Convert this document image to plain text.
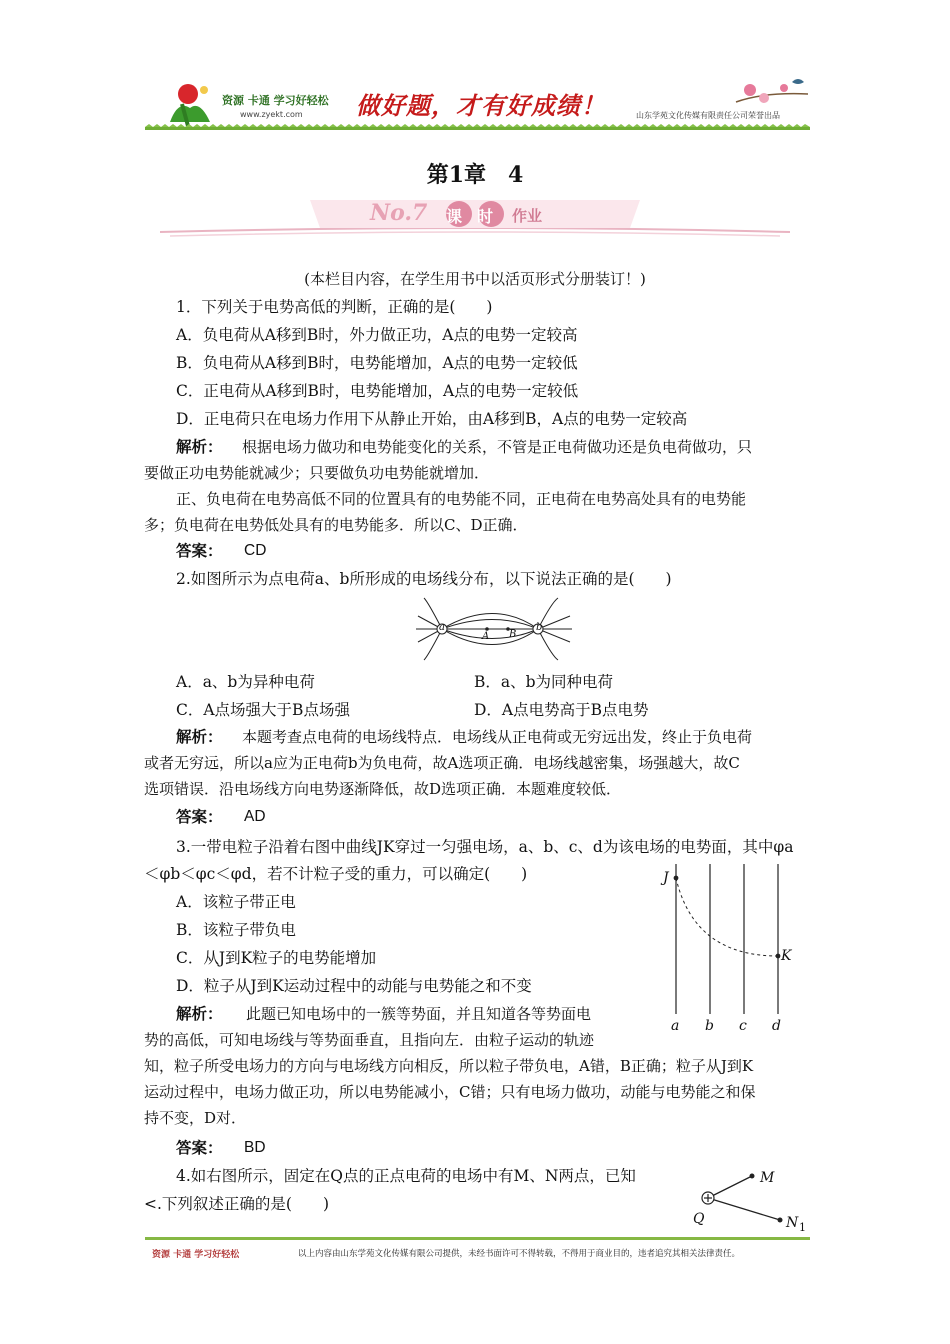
资源 卡通 学习好轻松
www.zyekt.com 做好题，才有好成绩！	山东学苑文化传媒有限责任公司荣誉出品
第1章　4
No.7 课时 作业
(本栏目内容，在学生用书中以活页形式分册装订！)
1．下列关于电势高低的判断，正确的是(　　)
A．负电荷从A移到B时，外力做正功，A点的电势一定较高
B．负电荷从A移到B时，电势能增加，A点的电势一定较低
C．正电荷从A移到B时，电势能增加，A点的电势一定较低
D．正电荷只在电场力作用下从静止开始，由A移到B，A点的电势一定较高
解析： 根据电场力做功和电势能变化的关系，不管是正电荷做功还是负电荷做功，只
要做正功电势能就减少；只要做负功电势能就增加．
正、负电荷在电势高低不同的位置具有的电势能不同，正电荷在电势高处具有的电势能
多；负电荷在电势低处具有的电势能多．所以C、D正确．
答案： CD
2.如图所示为点电荷a、b所形成的电场线分布，以下说法正确的是(　　)
a	b
A B
A．a、b为异种电荷	B．a、b为同种电荷
C．A点场强大于B点场强	D．A点电势高于B点电势
解析： 本题考查点电荷的电场线特点．电场线从正电荷或无穷远出发，终止于负电荷
或者无穷远，所以a应为正电荷b为负电荷，故A选项正确．电场线越密集，场强越大，故C
选项错误．沿电场线方向电势逐渐降低，故D选项正确．本题难度较低．
答案： AD
3.一带电粒子沿着右图中曲线JK穿过一匀强电场，a、b、c、d为该电场的电势面，其中φa
＜φb＜φc＜φd，若不计粒子受的重力，可以确定(　　)	J
K
a b c d
A．该粒子带正电
B．该粒子带负电
C．从J到K粒子的电势能增加
D．粒子从J到K运动过程中的动能与电势能之和不变
解析： 此题已知电场中的一簇等势面，并且知道各等势面电
势的高低，可知电场线与等势面垂直，且指向左．由粒子运动的轨迹
知，粒子所受电场力的方向与电场线方向相反，所以粒子带负电，A错，B正确；粒子从J到K
运动过程中，电场力做正功，所以电势能减小，C错；只有电场力做功，动能与电势能之和保
持不变，D对．
答案： BD
4.如右图所示，固定在Q点的正点电荷的电场中有M、N两点，已知
<.下列叙述正确的是(　　)
M
N 1
Q
资源 卡通 学习好轻松	以上内容由山东学苑文化传媒有限公司提供，未经书面许可不得转载，不得用于商业目的，违者追究其相关法律责任。
